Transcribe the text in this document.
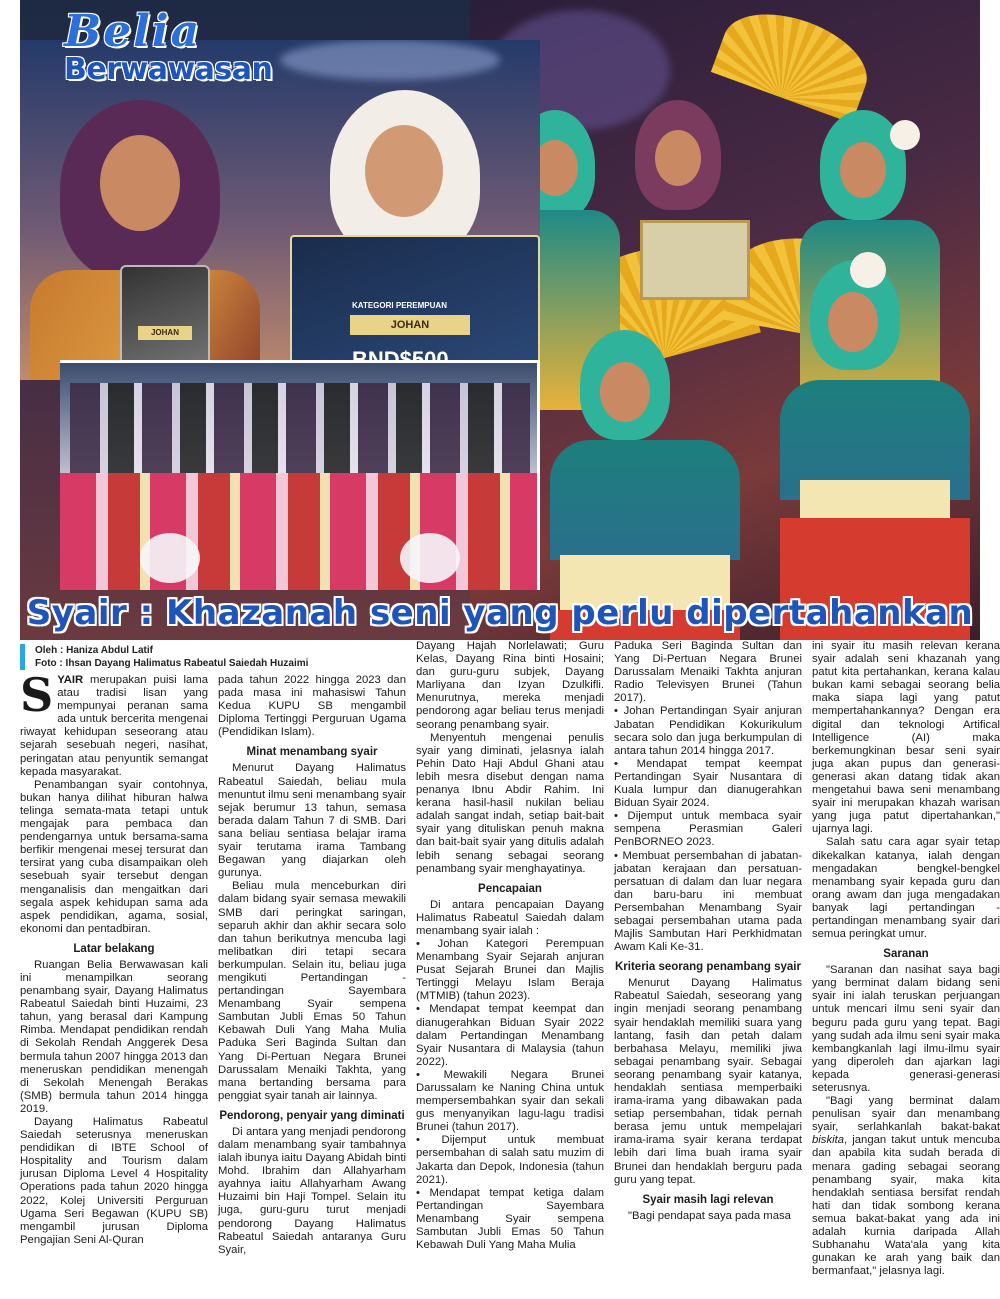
JOHAN
KATEGORI PEREMPUAN
JOHAN
Belia
Berwawasan
Syair : Khazanah seni yang perlu dipertahankan
Oleh : Haniza Abdul Latif
Foto : Ihsan Dayang Halimatus Rabeatul Saiedah Huzaimi

SYAIR merupakan puisi lama atau tradisi lisan yang mempunyai peranan sama ada untuk bercerita mengenai riwayat kehidupan seseorang atau sejarah sesebuah negeri, nasihat, peringatan atau penyuntik semangat kepada masyarakat.

Penambangan syair contohnya, bukan hanya dilihat hiburan halwa telinga semata-mata tetapi untuk mengajak para pembaca dan pendengarnya untuk bersama-sama berfikir mengenai mesej tersurat dan tersirat yang cuba disampaikan oleh sesebuah syair tersebut dengan menganalisis dan mengaitkan dari segala aspek kehidupan sama ada aspek pendidikan, agama, sosial, ekonomi dan pentadbiran.

Latar belakang

Ruangan Belia Berwawasan kali ini menampilkan seorang penambang syair, Dayang Halimatus Rabeatul Saiedah binti Huzaimi, 23 tahun, yang berasal dari Kampung Rimba. Mendapat pendidikan rendah di Sekolah Rendah Anggerek Desa bermula tahun 2007 hingga 2013 dan meneruskan pendidikan menengah di Sekolah Menengah Berakas (SMB) bermula tahun 2014 hingga 2019.

Dayang Halimatus Rabeatul Saiedah seterusnya meneruskan pendidikan di IBTE School of Hospitality and Tourism dalam jurusan Diploma Level 4 Hospitality Operations pada tahun 2020 hingga 2022, Kolej Universiti Perguruan Ugama Seri Begawan (KUPU SB) mengambil jurusan Diploma Pengajian Seni Al-Quran

pada tahun 2022 hingga 2023 dan pada masa ini mahasiswi Tahun Kedua KUPU SB mengambil Diploma Tertinggi Perguruan Ugama (Pendidikan Islam).

Minat menambang syair

Menurut Dayang Halimatus Rabeatul Saiedah, beliau mula menuntut ilmu seni menambang syair sejak berumur 13 tahun, semasa berada dalam Tahun 7 di SMB. Dari sana beliau sentiasa belajar irama syair terutama irama Tambang Begawan yang diajarkan oleh gurunya.

Beliau mula menceburkan diri dalam bidang syair semasa mewakili SMB dari peringkat saringan, separuh akhir dan akhir secara solo dan tahun berikutnya mencuba lagi melibatkan diri tetapi secara berkumpulan. Selain itu, beliau juga mengikuti Pertandingan - pertandingan Sayembara Menambang Syair sempena Sambutan Jubli Emas 50 Tahun Kebawah Duli Yang Maha Mulia Paduka Seri Baginda Sultan dan Yang Di-Pertuan Negara Brunei Darussalam Menaiki Takhta, yang mana bertanding bersama para penggiat syair tanah air lainnya.

Pendorong, penyair yang diminati

Di antara yang menjadi pendorong dalam menambang syair tambahnya ialah ibunya iaitu Dayang Abidah binti Mohd. Ibrahim dan Allahyarham ayahnya iaitu Allahyarham Awang Huzaimi bin Haji Tompel. Selain itu juga, guru-guru turut menjadi pendorong Dayang Halimatus Rabeatul Saiedah antaranya Guru Syair,

Dayang Hajah Norlelawati; Guru Kelas, Dayang Rina binti Hosaini; dan guru-guru subjek, Dayang Marliyana dan Izyan Dzulkifli. Menurutnya, mereka menjadi pendorong agar beliau terus menjadi seorang penambang syair.

Menyentuh mengenai penulis syair yang diminati, jelasnya ialah Pehin Dato Haji Abdul Ghani atau lebih mesra disebut dengan nama penanya Ibnu Abdir Rahim. Ini kerana hasil-hasil nukilan beliau adalah sangat indah, setiap bait-bait syair yang dituliskan penuh makna dan bait-bait syair yang ditulis adalah lebih senang sebagai seorang penambang syair menghayatinya.

Pencapaian

Di antara pencapaian Dayang Halimatus Rabeatul Saiedah dalam menambang syair ialah :

• Johan Kategori Perempuan Menambang Syair Sejarah anjuran Pusat Sejarah Brunei dan Majlis Tertinggi Melayu Islam Beraja (MTMIB) (tahun 2023).

• Mendapat tempat keempat dan dianugerahkan Biduan Syair 2022 dalam Pertandingan Menambang Syair Nusantara di Malaysia (tahun 2022).

• Mewakili Negara Brunei Darussalam ke Naning China untuk mempersembahkan syair dan sekali gus menyanyikan lagu-lagu tradisi Brunei (tahun 2017).

• Dijemput untuk membuat persembahan di salah satu muzim di Jakarta dan Depok, Indonesia (tahun 2021).

• Mendapat tempat ketiga dalam Pertandingan Sayembara Menambang Syair sempena Sambutan Jubli Emas 50 Tahun Kebawah Duli Yang Maha Mulia

Paduka Seri Baginda Sultan dan Yang Di-Pertuan Negara Brunei Darussalam Menaiki Takhta anjuran Radio Televisyen Brunei (Tahun 2017).

• Johan Pertandingan Syair anjuran Jabatan Pendidikan Kokurikulum secara solo dan juga berkumpulan di antara tahun 2014 hingga 2017.

• Mendapat tempat keempat Pertandingan Syair Nusantara di Kuala lumpur dan dianugerahkan Biduan Syair 2024.

• Dijemput untuk membaca syair sempena Perasmian Galeri PenBORNEO 2023.

• Membuat persembahan di jabatan-jabatan kerajaan dan persatuan-persatuan di dalam dan luar negara dan baru-baru ini membuat Persembahan Menambang Syair sebagai persembahan utama pada Majlis Sambutan Hari Perkhidmatan Awam Kali Ke-31.

Kriteria seorang penambang syair

Menurut Dayang Halimatus Rabeatul Saiedah, seseorang yang ingin menjadi seorang penambang syair hendaklah memiliki suara yang lantang, fasih dan petah dalam berbahasa Melayu, memiliki jiwa sebagai penambang syair. Sebagai seorang penambang syair katanya, hendaklah sentiasa memperbaiki irama-irama yang dibawakan pada setiap persembahan, tidak pernah berasa jemu untuk mempelajari irama-irama syair kerana terdapat lebih dari lima buah irama syair Brunei dan hendaklah berguru pada guru yang tepat.

Syair masih lagi relevan

"Bagi pendapat saya pada masa

ini syair itu masih relevan kerana syair adalah seni khazanah yang patut kita pertahankan, kerana kalau bukan kami sebagai seorang belia maka siapa lagi yang patut mempertahankannya? Dengan era digital dan teknologi Artifical Intelligence (AI) maka berkemungkinan besar seni syair juga akan pupus dan generasi-generasi akan datang tidak akan mengetahui bawa seni menambang syair ini merupakan khazah warisan yang juga patut dipertahankan," ujarnya lagi.

Salah satu cara agar syair tetap dikekalkan katanya, ialah dengan mengadakan bengkel-bengkel menambang syair kepada guru dan orang awam dan juga mengadakan banyak lagi pertandingan - pertandingan menambang syair dari semua peringkat umur.

Saranan

"Saranan dan nasihat saya bagi yang berminat dalam bidang seni syair ini ialah teruskan perjuangan untuk mencari ilmu seni syair dan beguru pada guru yang tepat. Bagi yang sudah ada ilmu seni syair maka kembangkanlah lagi ilmu-ilmu syair yang diperoleh dan ajarkan lagi kepada generasi-generasi seterusnya.

"Bagi yang berminat dalam penulisan syair dan menambang syair, serlahkanlah bakat-bakat biskita, jangan takut untuk mencuba dan apabila kita sudah berada di menara gading sebagai seorang penambang syair, maka kita hendaklah sentiasa bersifat rendah hati dan tidak sombong kerana semua bakat-bakat yang ada ini adalah kurnia daripada Allah Subhanahu Wata'ala yang kita gunakan ke arah yang baik dan bermanfaat," jelasnya lagi.
